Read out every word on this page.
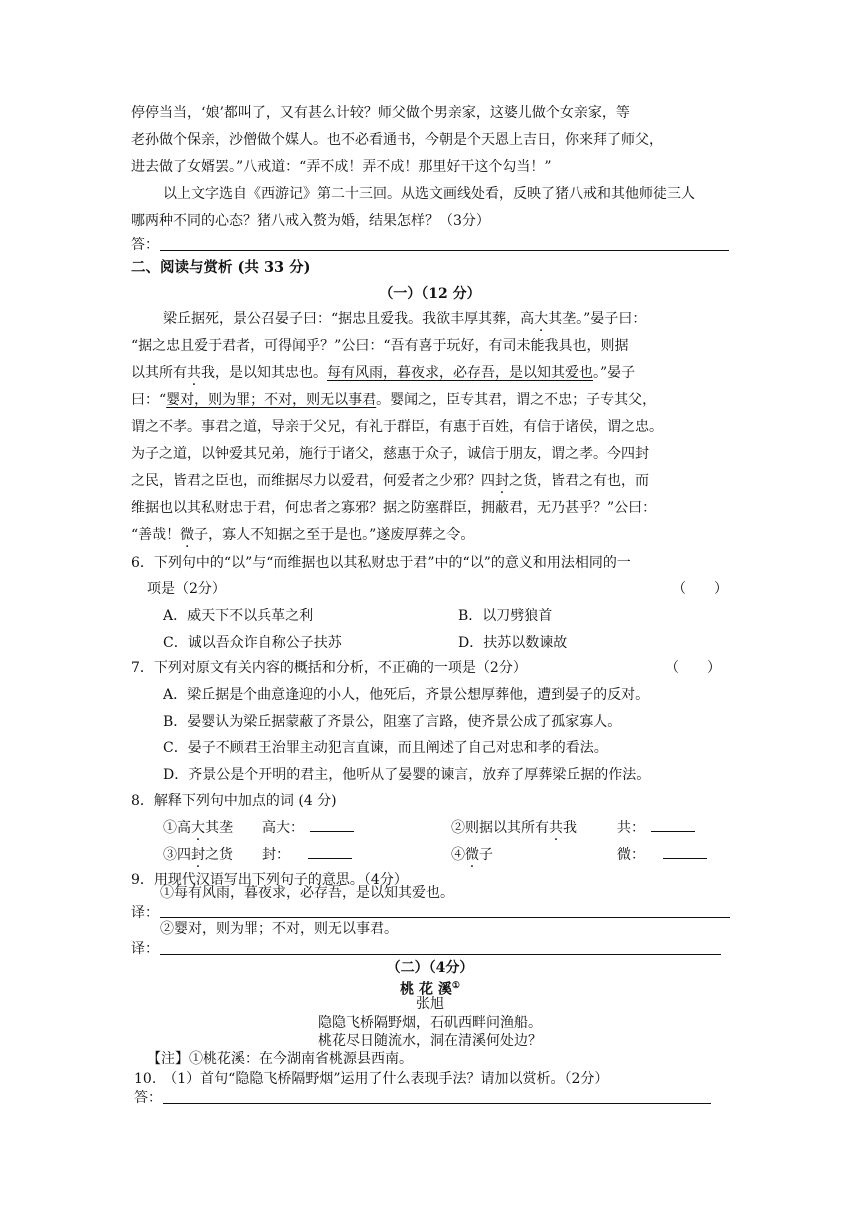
停停当当，‘娘’都叫了，又有甚么计较？师父做个男亲家，这婆儿做个女亲家，等
老孙做个保亲，沙僧做个媒人。也不必看通书，今朝是个天恩上吉日，你来拜了师父，
进去做了女婿罢。”八戒道：“弄不成！弄不成！那里好干这个勾当！”
以上文字选自《西游记》第二十三回。从选文画线处看，反映了猪八戒和其他师徒三人
哪两种不同的心态？猪八戒入赘为婚，结果怎样？（3分）
答：
二、阅读与赏析 (共 33 分)
（一）（12 分）
梁丘据死，景公召晏子曰：“据忠且爱我。我欲丰厚其葬，高大其垄。”晏子曰：
“据之忠且爱于君者，可得闻乎？”公曰：“吾有喜于玩好，有司未能我具也，则据
以其所有共我，是以知其忠也。每有风雨，暮夜求，必存吾，是以知其爱也。”晏子
曰：“婴对，则为罪；不对，则无以事君。婴闻之，臣专其君，谓之不忠；子专其父，
谓之不孝。事君之道，导亲于父兄，有礼于群臣，有惠于百姓，有信于诸侯，谓之忠。
为子之道，以钟爱其兄弟，施行于诸父，慈惠于众子，诚信于朋友，谓之孝。今四封
之民，皆君之臣也，而维据尽力以爱君，何爱者之少邪？四封之货，皆君之有也，而
维据也以其私财忠于君，何忠者之寡邪？据之防塞群臣，拥蔽君，无乃甚乎？”公曰：
“善哉！微子，寡人不知据之至于是也。”遂废厚葬之令。
6．下列句中的“以”与“而维据也以其私财忠于君”中的“以”的意义和用法相同的一
项是（2分）	（　　）
A．威天下不以兵革之利	B．以刀劈狼首
C．诚以吾众诈自称公子扶苏	D．扶苏以数谏故
7．下列对原文有关内容的概括和分析，不正确的一项是（2分）	（　　）
A．梁丘据是个曲意逢迎的小人，他死后，齐景公想厚葬他，遭到晏子的反对。
B．晏婴认为梁丘据蒙蔽了齐景公，阻塞了言路，使齐景公成了孤家寡人。
C．晏子不顾君王治罪主动犯言直谏，而且阐述了自己对忠和孝的看法。
D．齐景公是个开明的君主，他听从了晏婴的谏言，放弃了厚葬梁丘据的作法。
8．解释下列句中加点的词 (4 分)
①高大其垄 高大：	②则据以其所有共我	共：
③四封之货 封：	④微子	微：
9．用现代汉语写出下列句子的意思。（4分）
①每有风雨，暮夜求，必存吾，是以知其爱也。
译：
②婴对，则为罪；不对，则无以事君。
译：
（二）（4分）
桃 花 溪①
张旭
隐隐飞桥隔野烟，石矶西畔问渔船。
桃花尽日随流水，洞在清溪何处边？
【注】①桃花溪：在今湖南省桃源县西南。
10.　（1）首句“隐隐飞桥隔野烟”运用了什么表现手法？请加以赏析。（2分）
答：
